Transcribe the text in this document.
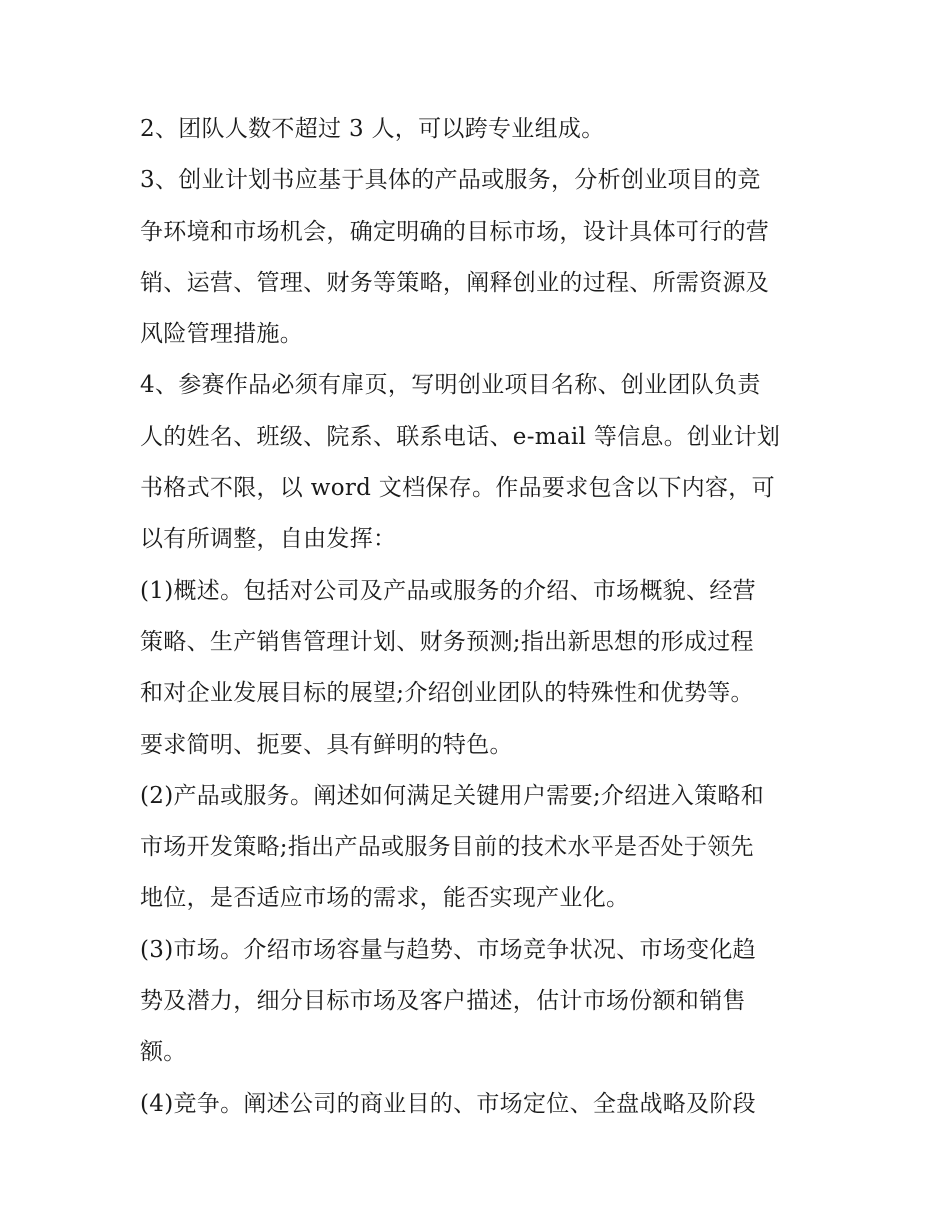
2、团队人数不超过 3 人，可以跨专业组成。
3、创业计划书应基于具体的产品或服务，分析创业项目的竞
争环境和市场机会，确定明确的目标市场，设计具体可行的营
销、运营、管理、财务等策略，阐释创业的过程、所需资源及
风险管理措施。
4、参赛作品必须有扉页，写明创业项目名称、创业团队负责
人的姓名、班级、院系、联系电话、e-mail 等信息。创业计划
书格式不限，以 word 文档保存。作品要求包含以下内容，可
以有所调整，自由发挥：
(1)概述。包括对公司及产品或服务的介绍、市场概貌、经营
策略、生产销售管理计划、财务预测;指出新思想的形成过程
和对企业发展目标的展望;介绍创业团队的特殊性和优势等。
要求简明、扼要、具有鲜明的特色。
(2)产品或服务。阐述如何满足关键用户需要;介绍进入策略和
市场开发策略;指出产品或服务目前的技术水平是否处于领先
地位，是否适应市场的需求，能否实现产业化。
(3)市场。介绍市场容量与趋势、市场竞争状况、市场变化趋
势及潜力，细分目标市场及客户描述，估计市场份额和销售
额。
(4)竞争。阐述公司的商业目的、市场定位、全盘战略及阶段
